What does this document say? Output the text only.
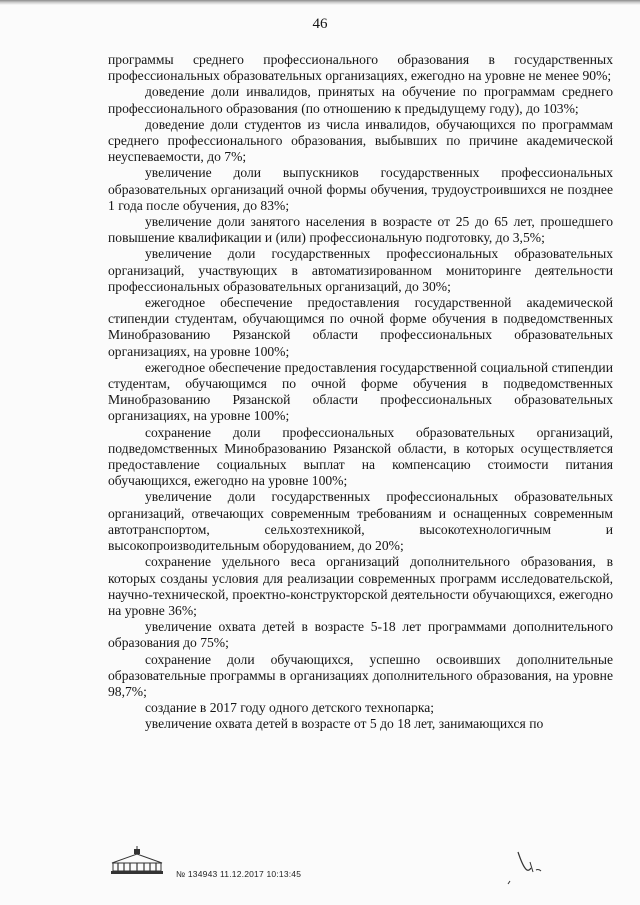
46

программы среднего профессионального образования в государственных профессиональных образовательных организациях, ежегодно на уровне не менее 90%;

доведение доли инвалидов, принятых на обучение по программам среднего профессионального образования (по отношению к предыдущему году), до 103%;

доведение доли студентов из числа инвалидов, обучающихся по программам среднего профессионального образования, выбывших по причине академической неуспеваемости, до 7%;

увеличение доли выпускников государственных профессиональных образовательных организаций очной формы обучения, трудоустроившихся не позднее 1 года после обучения, до 83%;

увеличение доли занятого населения в возрасте от 25 до 65 лет, прошедшего повышение квалификации и (или) профессиональную подготовку, до 3,5%;

увеличение доли государственных профессиональных образовательных организаций, участвующих в автоматизированном мониторинге деятельности профессиональных образовательных организаций, до 30%;

ежегодное обеспечение предоставления государственной академической стипендии студентам, обучающимся по очной форме обучения в подведомственных Минобразованию Рязанской области профессиональных образовательных организациях, на уровне 100%;

ежегодное обеспечение предоставления государственной социальной стипендии студентам, обучающимся по очной форме обучения в подведомственных Минобразованию Рязанской области профессиональных образовательных организациях, на уровне 100%;

сохранение доли профессиональных образовательных организаций, подведомственных Минобразованию Рязанской области, в которых осуществляется предоставление социальных выплат на компенсацию стоимости питания обучающихся, ежегодно на уровне 100%;

увеличение доли государственных профессиональных образовательных организаций, отвечающих современным требованиям и оснащенных современным автотранспортом, сельхозтехникой, высокотехнологичным и высокопроизводительным оборудованием, до 20%;

сохранение удельного веса организаций дополнительного образования, в которых созданы условия для реализации современных программ исследовательской, научно-технической, проектно-конструкторской деятельности обучающихся, ежегодно на уровне 36%;

увеличение охвата детей в возрасте 5-18 лет программами дополнительного образования до 75%;

сохранение доли обучающихся, успешно освоивших дополнительные образовательные программы в организациях дополнительного образования, на уровне 98,7%;

создание в 2017 году одного детского технопарка;

увеличение охвата детей в возрасте от 5 до 18 лет, занимающихся по

№ 134943 11.12.2017 10:13:45
